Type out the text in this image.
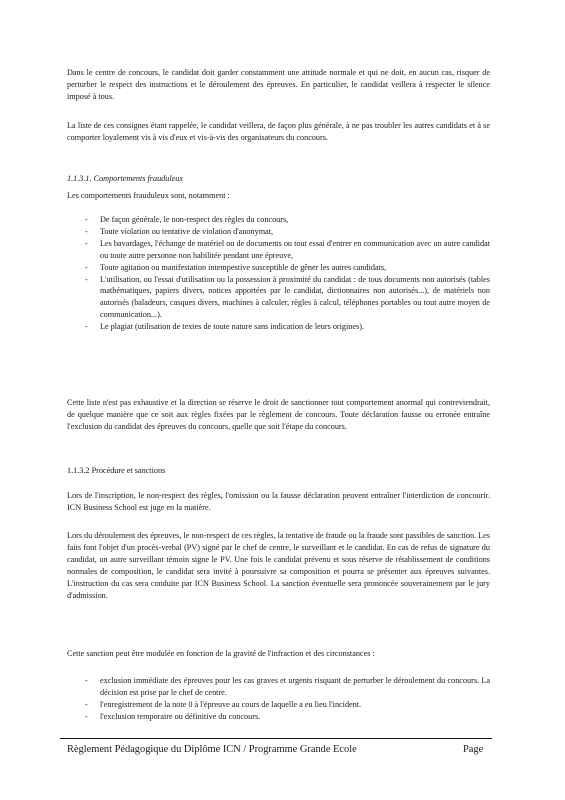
Dans le centre de concours, le candidat doit garder constamment une attitude normale et qui ne doit, en aucun cas, risquer de perturber le respect des instructions et le déroulement des épreuves. En particulier, le candidat veillera à respecter le silence imposé à tous.

La liste de ces consignes étant rappelée, le candidat veillera, de façon plus générale, à ne pas troubler les autres candidats et à se comporter loyalement vis à vis d'eux et vis-à-vis des organisateurs du concours.

1.1.3.1. Comportements frauduleux

Les comportements frauduleux sont, notamment :

- De façon générale, le non-respect des règles du concours,
- Toute violation ou tentative de violation d'anonymat,
- Les bavardages, l'échange de matériel ou de documents ou tout essai d'entrer en communication avec un autre candidat ou toute autre personne non habilitée pendant une épreuve,
- Toute agitation ou manifestation intempestive susceptible de gêner les autres candidats,
- L'utilisation, ou l'essai d'utilisation ou la possession à proximité du candidat : de tous documents non autorisés (tables mathématiques, papiers divers, notices apportées par le candidat, dictionnaires non autorisés...), de matériels non autorisés (baladeurs, casques divers, machines à calculer, règles à calcul, téléphones portables ou tout autre moyen de communication...).
- Le plagiat (utilisation de textes de toute nature sans indication de leurs origines).

Cette liste n'est pas exhaustive et la direction se réserve le droit de sanctionner tout comportement anormal qui contreviendrait, de quelque manière que ce soit aux règles fixées par le règlement de concours. Toute déclaration fausse ou erronée entraîne l'exclusion du candidat des épreuves du concours, quelle que soit l'étape du concours.

1.1.3.2 Procédure et sanctions

Lors de l'inscription, le non-respect des règles, l'omission ou la fausse déclaration peuvent entraîner l'interdiction de concourir. ICN Business School est juge en la matière.

Lors du déroulement des épreuves, le non-respect de ces règles, la tentative de fraude ou la fraude sont passibles de sanction. Les faits font l'objet d'un procès-verbal (PV) signé par le chef de centre, le surveillant et le candidat. En cas de refus de signature du candidat, un autre surveillant témoin signe le PV. Une fois le candidat prévenu et sous réserve de rétablissement de conditions normales de composition, le candidat sera invité à poursuivre sa composition et pourra se présenter aux épreuves suivantes. L'instruction du cas sera conduite par ICN Business School. La sanction éventuelle sera prononcée souverainement par le jury d'admission.

Cette sanction peut être modulée en fonction de la gravité de l'infraction et des circonstances :

- exclusion immédiate des épreuves pour les cas graves et urgents risquant de perturber le déroulement du concours. La décision est prise par le chef de centre.
- l'enregistrement de la note 0 à l'épreuve au cours de laquelle a eu lieu l'incident.
- l'exclusion temporaire ou définitive du concours.
Règlement Pédagogique du Diplôme ICN / Programme Grande Ecole	Page
